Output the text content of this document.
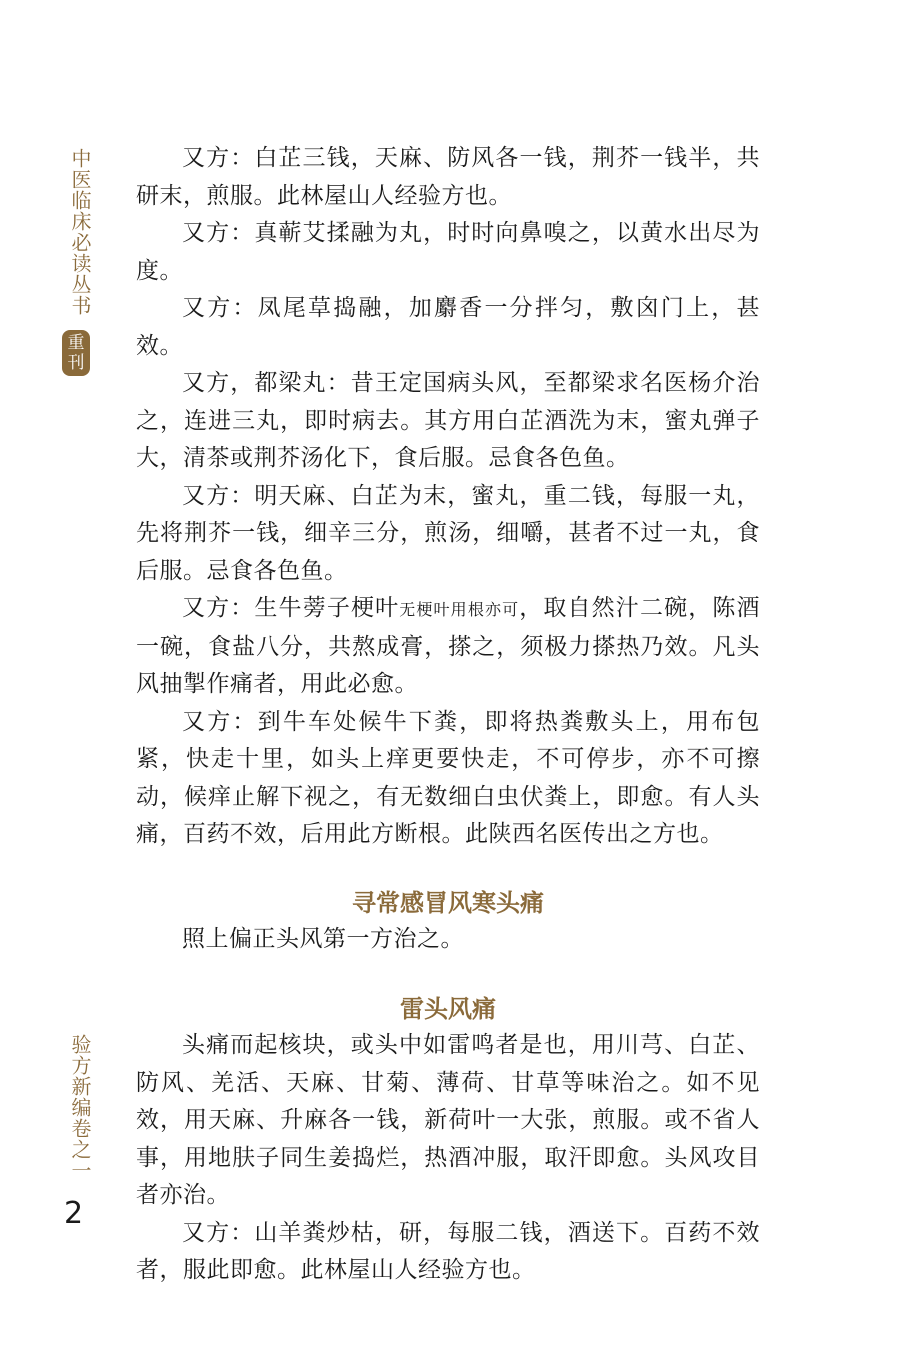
中医临床必读丛书
重刊
验方新编卷之一
2

又方：白芷三钱，天麻、防风各一钱，荆芥一钱半，共研末，煎服。此林屋山人经验方也。

又方：真蕲艾揉融为丸，时时向鼻嗅之，以黄水出尽为度。

又方：凤尾草捣融，加麝香一分拌匀，敷囟门上，甚效。

又方，都梁丸：昔王定国病头风，至都梁求名医杨介治之，连进三丸，即时病去。其方用白芷酒洗为末，蜜丸弹子大，清茶或荆芥汤化下，食后服。忌食各色鱼。

又方：明天麻、白芷为末，蜜丸，重二钱，每服一丸，先将荆芥一钱，细辛三分，煎汤，细嚼，甚者不过一丸，食后服。忌食各色鱼。

又方：生牛蒡子梗叶无梗叶用根亦可，取自然汁二碗，陈酒一碗，食盐八分，共熬成膏，搽之，须极力搽热乃效。凡头风抽掣作痛者，用此必愈。

又方：到牛车处候牛下粪，即将热粪敷头上，用布包紧，快走十里，如头上痒更要快走，不可停步，亦不可擦动，候痒止解下视之，有无数细白虫伏粪上，即愈。有人头痛，百药不效，后用此方断根。此陕西名医传出之方也。

寻常感冒风寒头痛

照上偏正头风第一方治之。

雷头风痛

头痛而起核块，或头中如雷鸣者是也，用川芎、白芷、防风、羌活、天麻、甘菊、薄荷、甘草等味治之。如不见效，用天麻、升麻各一钱，新荷叶一大张，煎服。或不省人事，用地肤子同生姜捣烂，热酒冲服，取汗即愈。头风攻目者亦治。

又方：山羊粪炒枯，研，每服二钱，酒送下。百药不效者，服此即愈。此林屋山人经验方也。
